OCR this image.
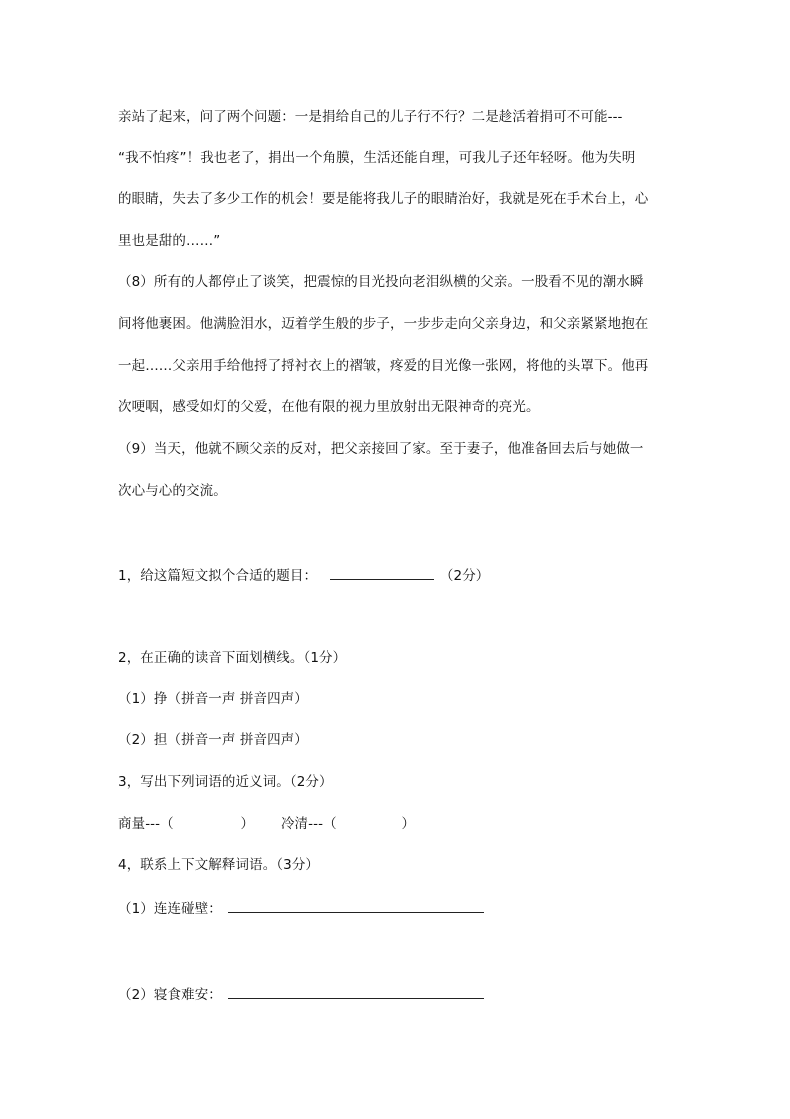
亲站了起来，问了两个问题：一是捐给自己的儿子行不行？二是趁活着捐可不可能---
“我不怕疼”！我也老了，捐出一个角膜，生活还能自理，可我儿子还年轻呀。他为失明
的眼睛，失去了多少工作的机会！要是能将我儿子的眼睛治好，我就是死在手术台上，心
里也是甜的……”
（8）所有的人都停止了谈笑，把震惊的目光投向老泪纵横的父亲。一股看不见的潮水瞬
间将他裹困。他满脸泪水，迈着学生般的步子，一步步走向父亲身边，和父亲紧紧地抱在
一起……父亲用手给他捋了捋衬衣上的褶皱，疼爱的目光像一张网，将他的头罩下。他再
次哽咽，感受如灯的父爱，在他有限的视力里放射出无限神奇的亮光。
（9）当天，他就不顾父亲的反对，把父亲接回了家。至于妻子，他准备回去后与她做一
次心与心的交流。
1，给这篇短文拟个合适的题目：	（2分）
2，在正确的读音下面划横线。（1分）
（1）挣（拼音一声 拼音四声）
（2）担（拼音一声 拼音四声）
3，写出下列词语的近义词。（2分）
商量---（	） 冷清---（	）
4，联系上下文解释词语。（3分）
（1）连连碰壁：
（2）寝食难安：
